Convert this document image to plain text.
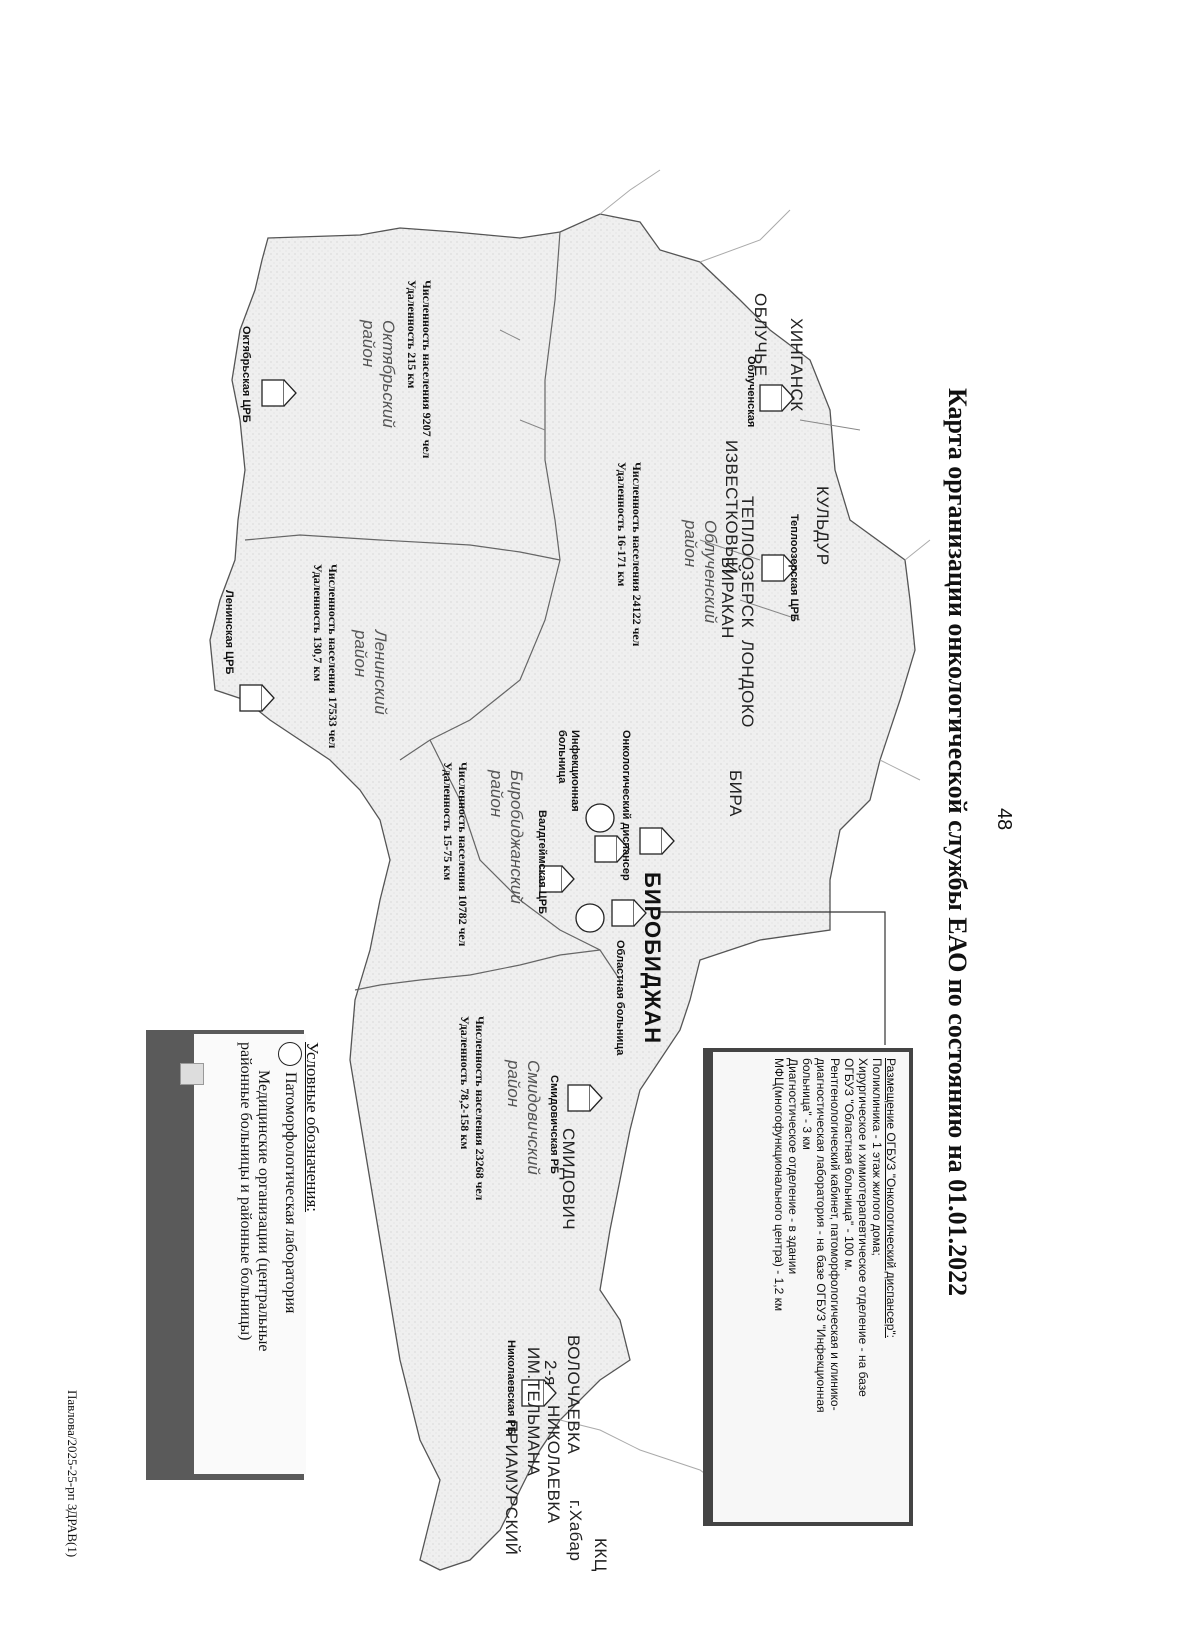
48
Карта организации онкологической службы ЕАО по состоянию на 01.01.2022
ХИНГАНСК
ОБЛУЧЬЕ
КУЛЬДУР
ИЗВЕСТКОВЫЙ
ТЕПЛООЗЕРСК
БИРАКАН
ЛОНДОКО
БИРА
БИРОБИДЖАН
СМИДОВИЧ
ВОЛОЧАЕВКА
2-я
НИКОЛАЕВКА
ИМ.ТЕЛЬМАНА
ПРИАМУРСКИЙ	г.Хабар ККЦ
Октябрьский район
Облученский район
Ленинский район
Биробиджанский район
Смидовичский район
Численность населения 9207 чел
Удаленность 215 км
Численность населения 24122 чел
Удаленность 16-171 км
Численность населения 17533 чел
Удаленность 130,7 км
Численность населения 10782 чел
Удаленность 15-75 км
Численность населения 23268 чел
Удаленность 78,2-158 км
Октябрьская ЦРБ	Облученская
Теплоозерская ЦРБ
Ленинская ЦРБ
Инфекционная больница	Онкологический диспансер
Валдгеймская ЦРБ
Областная больница
Смидовичская РБ
Николаевская РБ
Размещение ОГБУЗ "Онкологический диспансер":
Поликлиника - 1 этаж жилого дома;
Хирургическое и химиотерапевтическое отделение - на базе
ОГБУЗ "Областная больница" - 100 м.
Рентгенологический кабинет, патоморфологическая и клинико-
диагностическая лаборатория - на базе ОГБУЗ "Инфекционная
больница" - 3 км
Диагностическое отделение - в здании
МФЦ(многофункционального центра) - 1,2 км
Условные обозначения:
Патоморфологическая лаборатория
Медицинские организации (центральные
районные больницы и районные больницы)
Павлова/2025-25-рп ЗДРАВ(1)
